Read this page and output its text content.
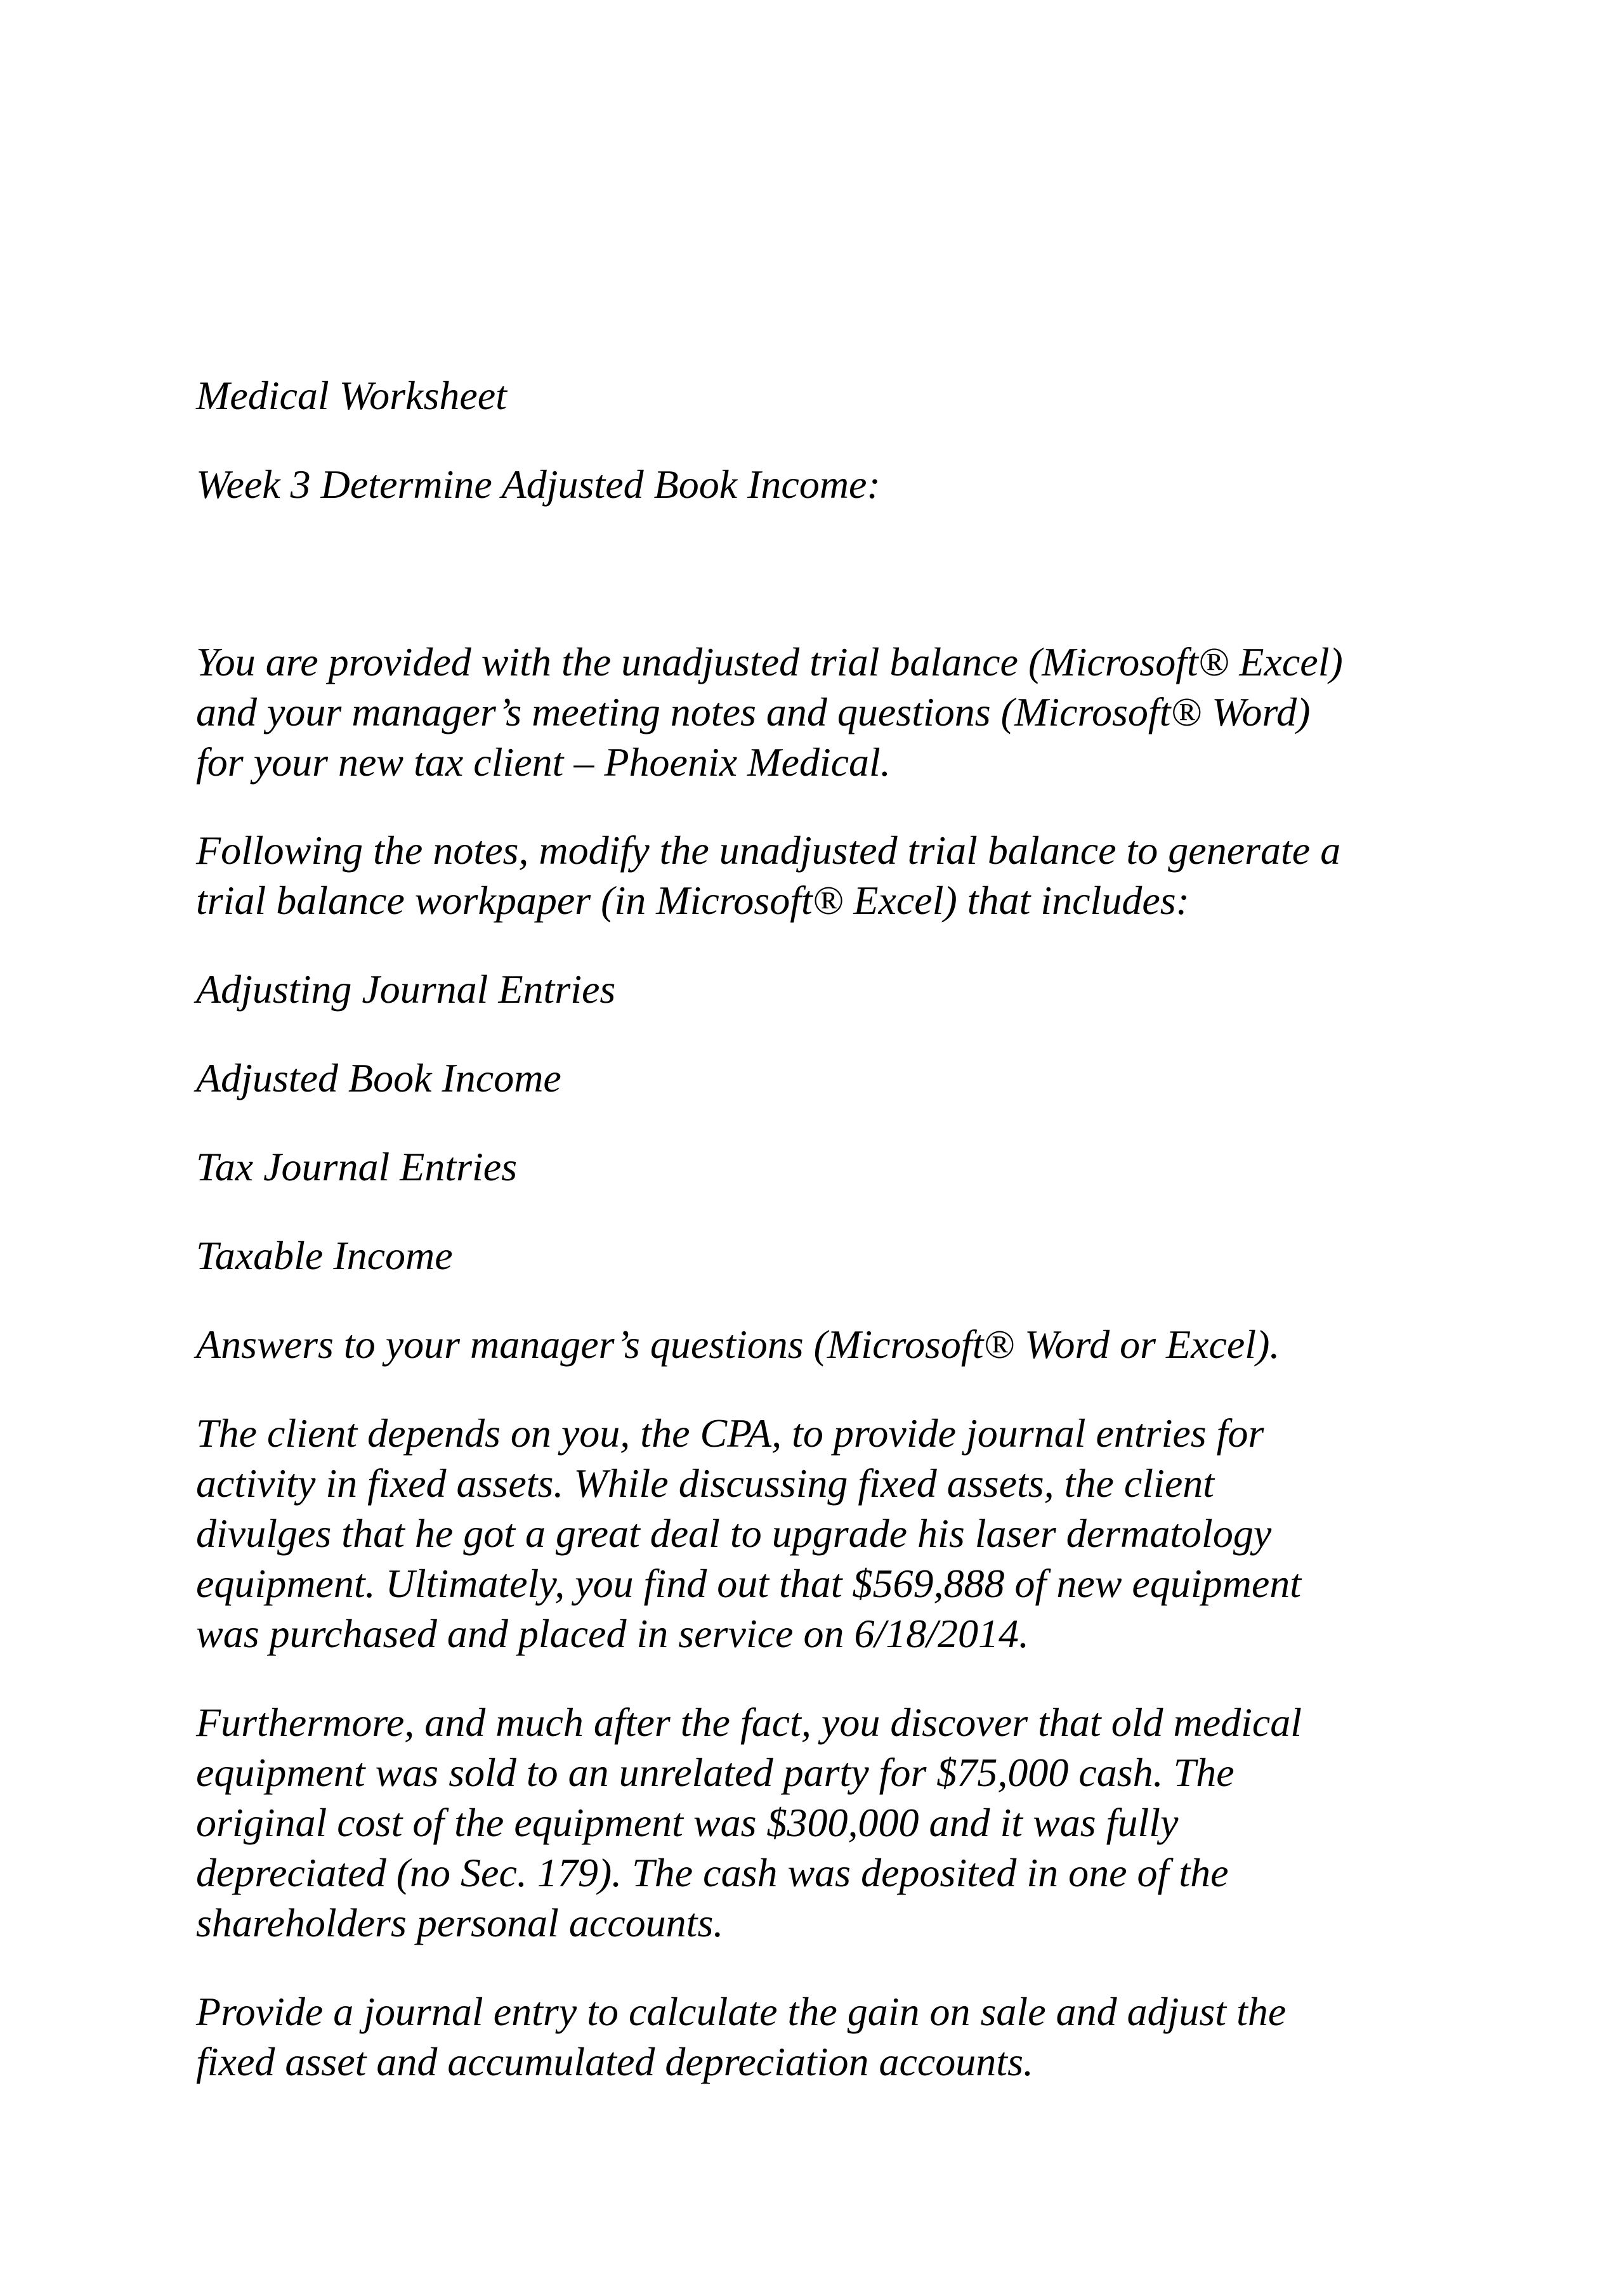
Medical Worksheet
Week 3 Determine Adjusted Book Income:
You are provided with the unadjusted trial balance (Microsoft® Excel)
and your manager’s meeting notes and questions (Microsoft® Word)
for your new tax client – Phoenix Medical.
Following the notes, modify the unadjusted trial balance to generate a
trial balance workpaper (in Microsoft® Excel) that includes:
Adjusting Journal Entries
Adjusted Book Income
Tax Journal Entries
Taxable Income
Answers to your manager’s questions (Microsoft® Word or Excel).
The client depends on you, the CPA, to provide journal entries for
activity in fixed assets. While discussing fixed assets, the client
divulges that he got a great deal to upgrade his laser dermatology
equipment. Ultimately, you find out that $569,888 of new equipment
was purchased and placed in service on 6/18/2014.
Furthermore, and much after the fact, you discover that old medical
equipment was sold to an unrelated party for $75,000 cash. The
original cost of the equipment was $300,000 and it was fully
depreciated (no Sec. 179). The cash was deposited in one of the
shareholders personal accounts.
Provide a journal entry to calculate the gain on sale and adjust the
fixed asset and accumulated depreciation accounts.
